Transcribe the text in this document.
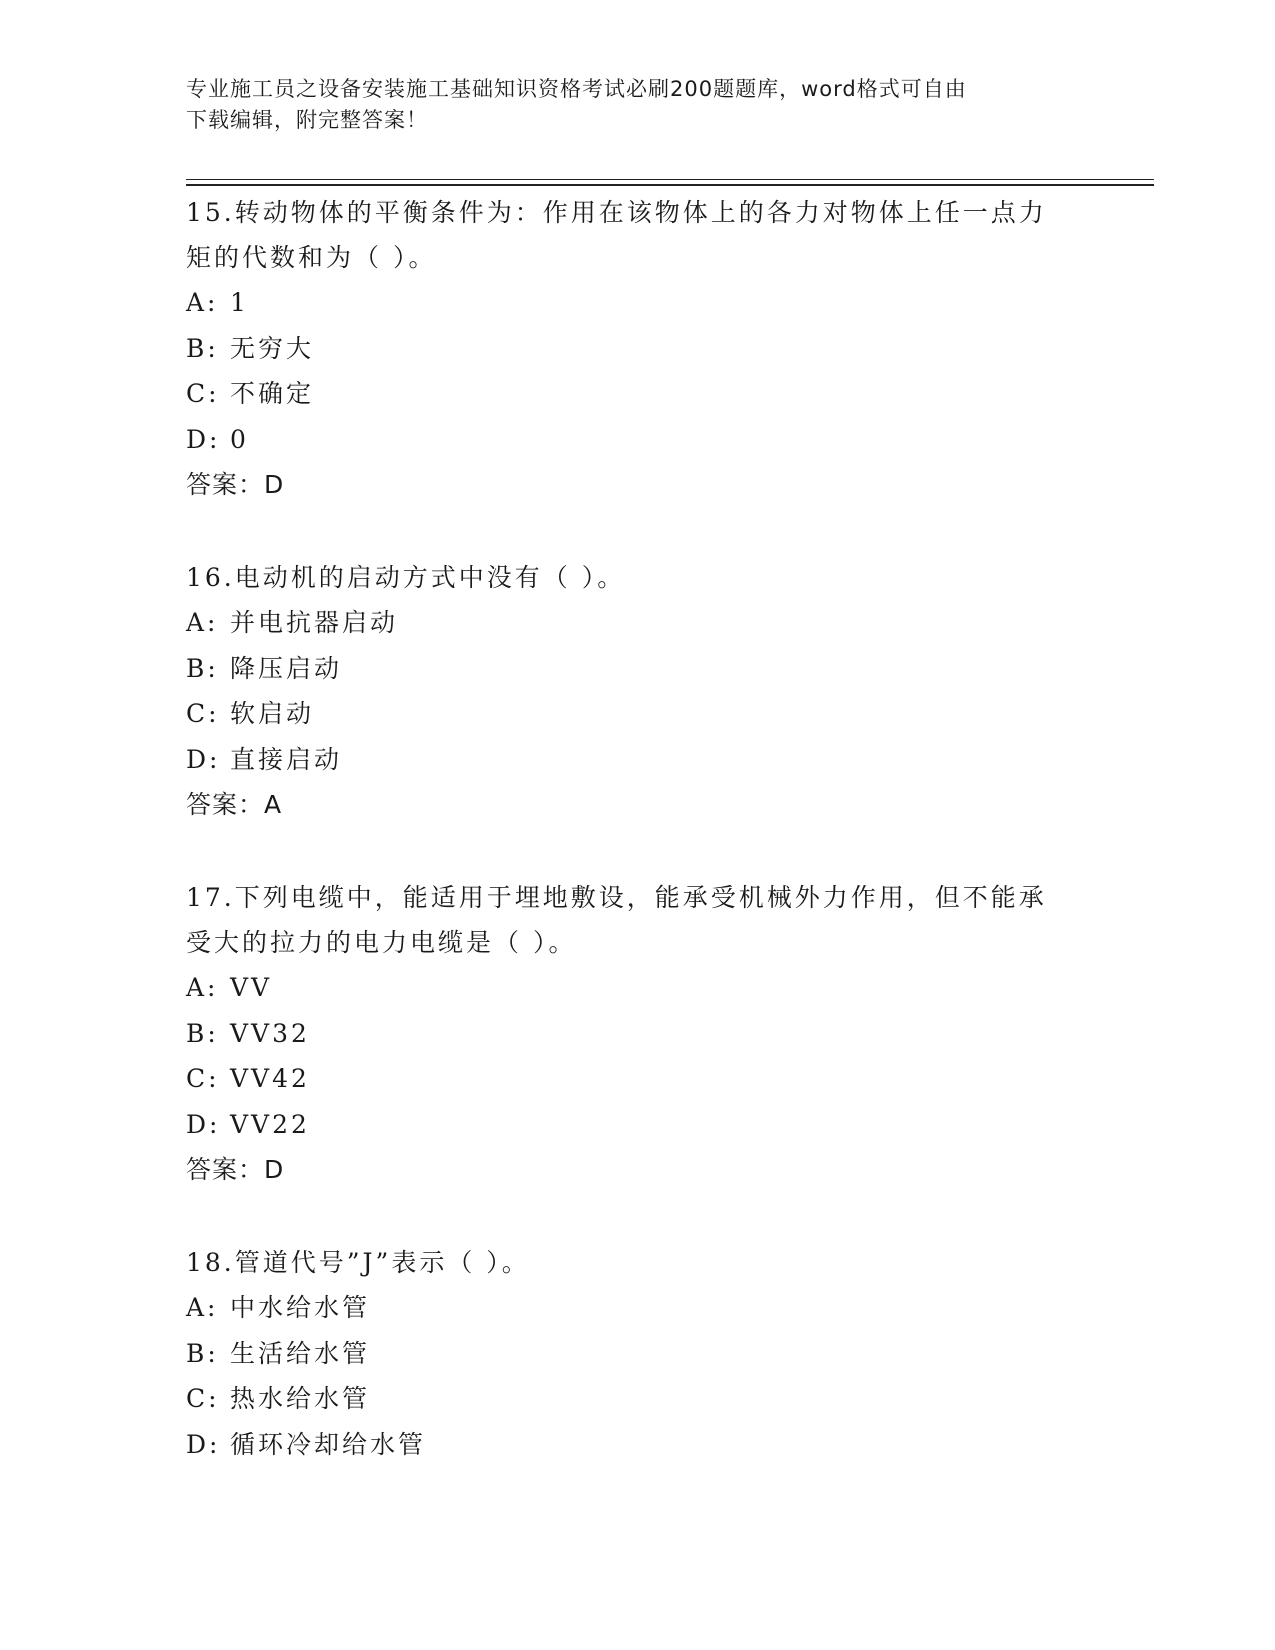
专业施工员之设备安装施工基础知识资格考试必刷200题题库，word格式可自由
下载编辑，附完整答案！

15.转动物体的平衡条件为：作用在该物体上的各力对物体上任一点力

矩的代数和为（ ）。

A: 1

B: 无穷大

C: 不确定

D: 0

答案：D

16.电动机的启动方式中没有（ ）。

A: 并电抗器启动

B: 降压启动

C: 软启动

D: 直接启动

答案：A

17.下列电缆中，能适用于埋地敷设，能承受机械外力作用，但不能承

受大的拉力的电力电缆是（ ）。

A: VV

B: VV32

C: VV42

D: VV22

答案：D

18.管道代号”J”表示（ ）。

A: 中水给水管

B: 生活给水管

C: 热水给水管

D: 循环冷却给水管
